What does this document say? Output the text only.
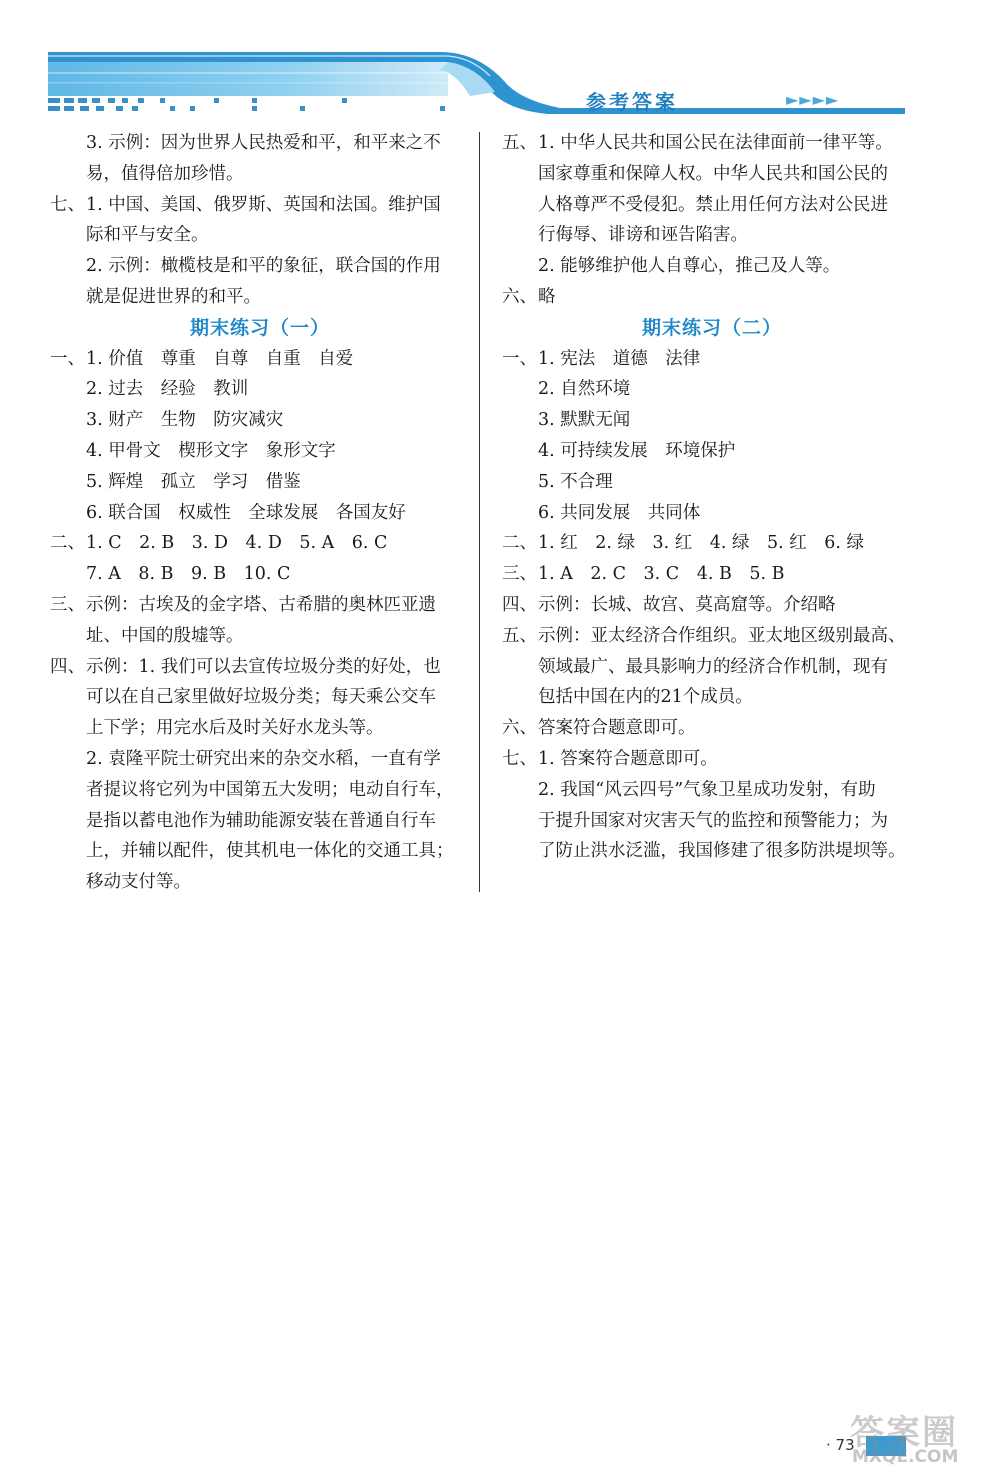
参考答案	►►►►
3. 示例：因为世界人民热爱和平，和平来之不
易，值得倍加珍惜。
七、1. 中国、美国、俄罗斯、英国和法国。维护国
际和平与安全。
2. 示例：橄榄枝是和平的象征，联合国的作用
就是促进世界的和平。
期末练习（一）
一、1. 价值　尊重　自尊　自重　自爱
2. 过去　经验　教训
3. 财产　生物　防灾减灾
4. 甲骨文　楔形文字　象形文字
5. 辉煌　孤立　学习　借鉴
6. 联合国　权威性　全球发展　各国友好
二、1. C　2. B　3. D　4. D　5. A　6. C
7. A　8. B　9. B　10. C
三、示例：古埃及的金字塔、古希腊的奥林匹亚遗
址、中国的殷墟等。
四、示例：1. 我们可以去宣传垃圾分类的好处，也
可以在自己家里做好垃圾分类；每天乘公交车
上下学；用完水后及时关好水龙头等。
2. 袁隆平院士研究出来的杂交水稻，一直有学
者提议将它列为中国第五大发明；电动自行车，
是指以蓄电池作为辅助能源安装在普通自行车
上，并辅以配件，使其机电一体化的交通工具；
移动支付等。
五、1. 中华人民共和国公民在法律面前一律平等。
国家尊重和保障人权。中华人民共和国公民的
人格尊严不受侵犯。禁止用任何方法对公民进
行侮辱、诽谤和诬告陷害。
2. 能够维护他人自尊心，推己及人等。
六、略
期末练习（二）
一、1. 宪法　道德　法律
2. 自然环境
3. 默默无闻
4. 可持续发展　环境保护
5. 不合理
6. 共同发展　共同体
二、1. 红　2. 绿　3. 红　4. 绿　5. 红　6. 绿
三、1. A　2. C　3. C　4. B　5. B
四、示例：长城、故宫、莫高窟等。介绍略
五、示例：亚太经济合作组织。亚太地区级别最高、
领域最广、最具影响力的经济合作机制，现有
包括中国在内的21个成员。
六、答案符合题意即可。
七、1. 答案符合题意即可。
2. 我国“风云四号”气象卫星成功发射，有助
于提升国家对灾害天气的监控和预警能力；为
了防止洪水泛滥，我国修建了很多防洪堤坝等。
· 73
答案圈
MXQE.COM
